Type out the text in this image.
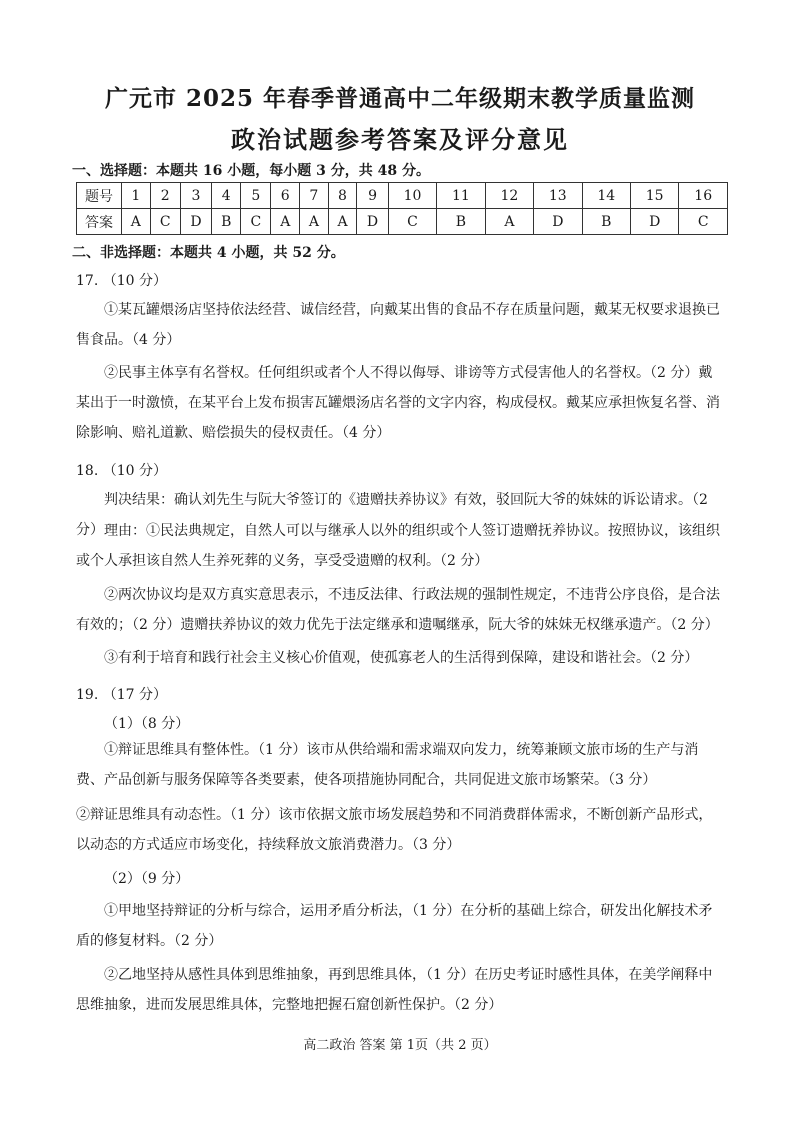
广元市 2025 年春季普通高中二年级期末教学质量监测
政治试题参考答案及评分意见
一、选择题：本题共 16 小题，每小题 3 分，共 48 分。
题号	1	2	3	4	5	6	7	8	9	10	11	12	13	14	15	16
答案	A	C	D	B	C	A	A	A	D	C	B	A	D	B	D	C
二、非选择题：本题共 4 小题，共 52 分。
17. （10 分）
①某瓦罐煨汤店坚持依法经营、诚信经营，向戴某出售的食品不存在质量问题，戴某无权要求退换已售食品。（4 分）
②民事主体享有名誉权。任何组织或者个人不得以侮辱、诽谤等方式侵害他人的名誉权。（2 分）戴某出于一时激愤，在某平台上发布损害瓦罐煨汤店名誉的文字内容，构成侵权。戴某应承担恢复名誉、消除影响、赔礼道歉、赔偿损失的侵权责任。（4 分）
18. （10 分）
判决结果：确认刘先生与阮大爷签订的《遗赠扶养协议》有效，驳回阮大爷的妹妹的诉讼请求。（2 分） 理由：①民法典规定，自然人可以与继承人以外的组织或个人签订遗赠抚养协议。按照协议，该组织或个人承担该自然人生养死葬的义务，享受受遗赠的权利。（2 分）
②两次协议均是双方真实意思表示，不违反法律、行政法规的强制性规定，不违背公序良俗，是合法有效的；（2 分）遗赠扶养协议的效力优先于法定继承和遗嘱继承，阮大爷的妹妹无权继承遗产。（2 分）
③有利于培育和践行社会主义核心价值观，使孤寡老人的生活得到保障，建设和谐社会。（2 分）
19. （17 分）
（1）（8 分）
①辩证思维具有整体性。（1 分）该市从供给端和需求端双向发力，统筹兼顾文旅市场的生产与消费、产品创新与服务保障等各类要素，使各项措施协同配合，共同促进文旅市场繁荣。（3 分）
②辩证思维具有动态性。（1 分）该市依据文旅市场发展趋势和不同消费群体需求，不断创新产品形式，以动态的方式适应市场变化，持续释放文旅消费潜力。（3 分）
（2）（9 分）
①甲地坚持辩证的分析与综合，运用矛盾分析法，（1 分）在分析的基础上综合，研发出化解技术矛盾的修复材料。（2 分）
②乙地坚持从感性具体到思维抽象，再到思维具体，（1 分）在历史考证时感性具体，在美学阐释中思维抽象，进而发展思维具体，完整地把握石窟创新性保护。（2 分）
高二政治 答案 第 1页（共 2 页）
